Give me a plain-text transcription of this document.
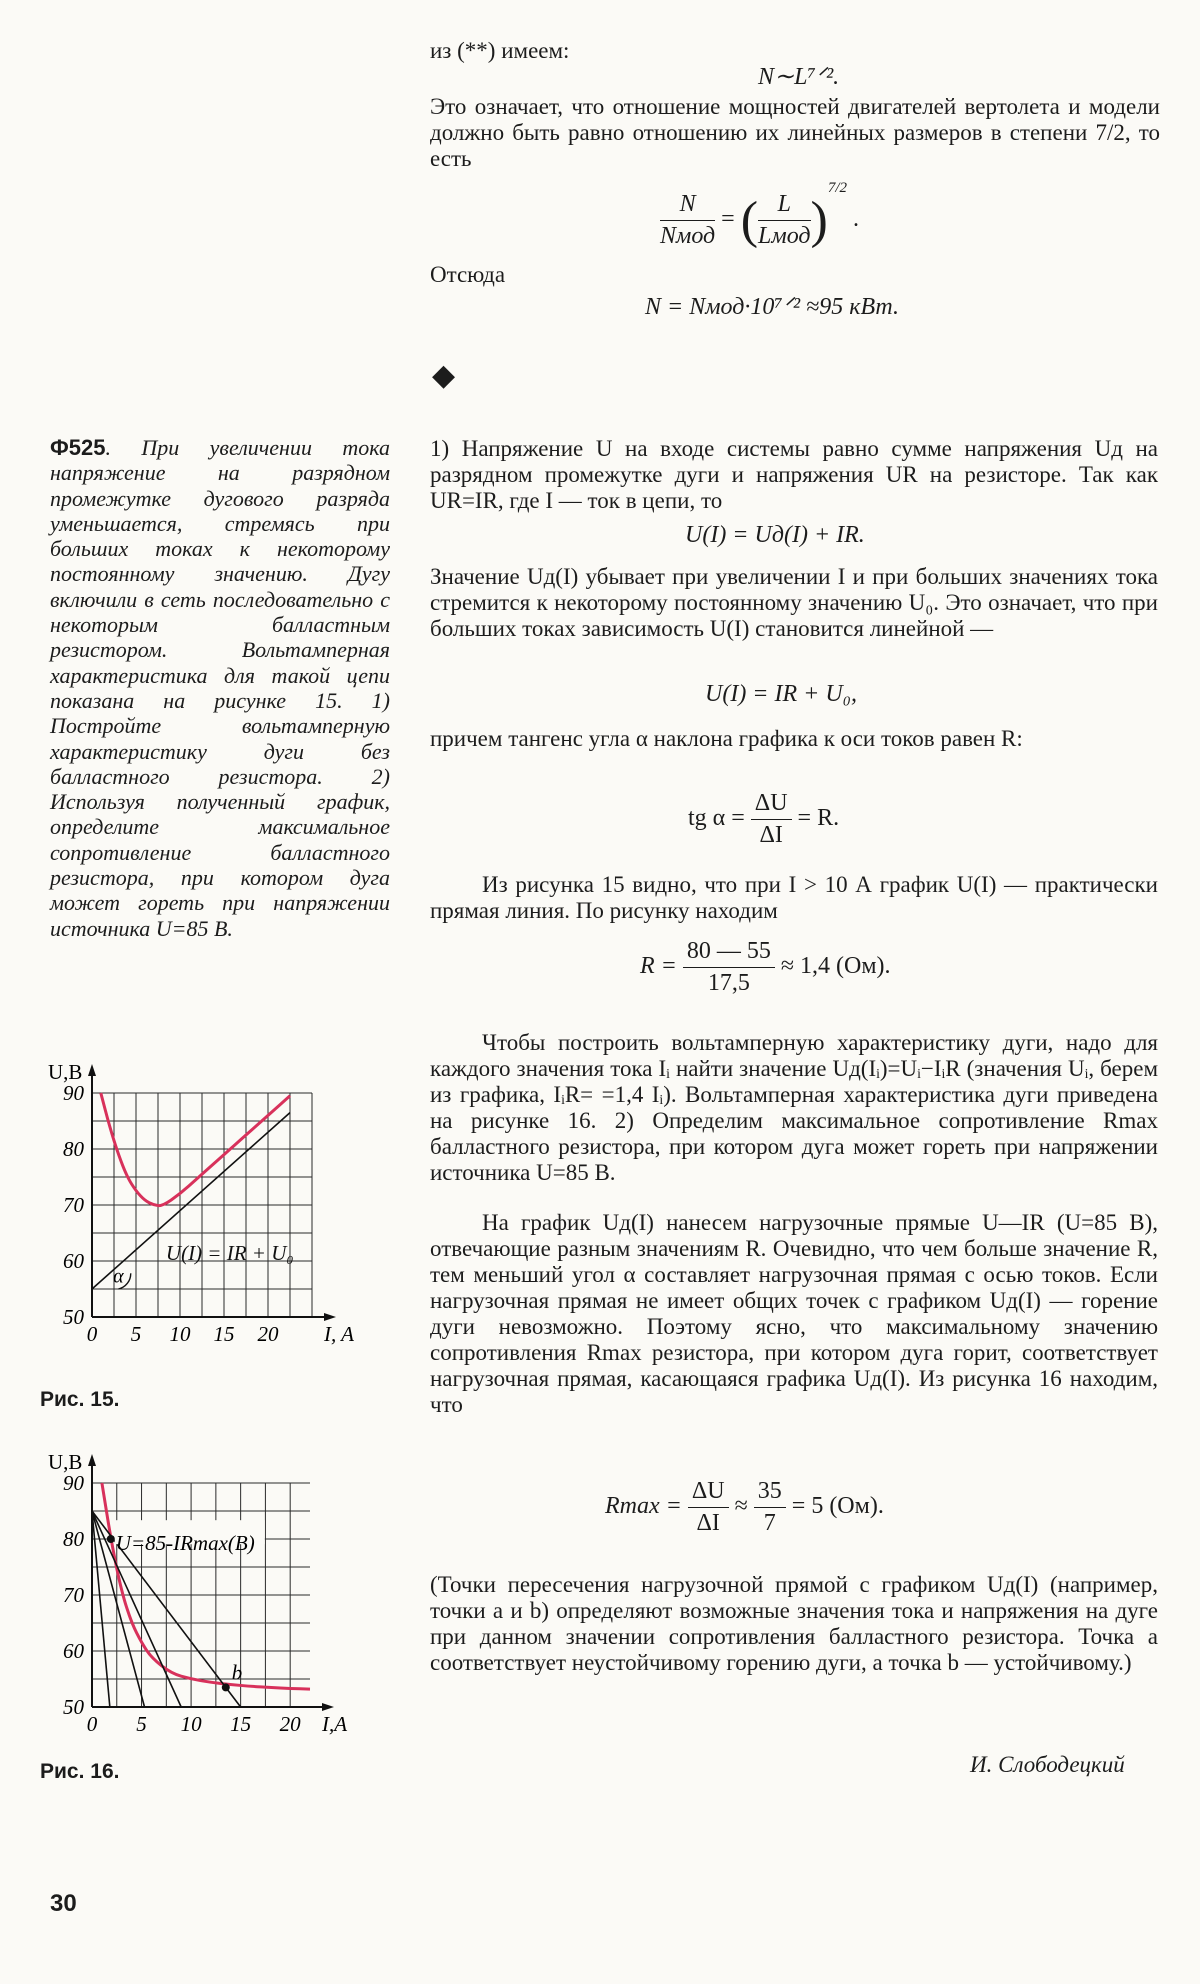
из (**) имеем:
N∼L⁷ᐟ².

Это означает, что отношение мощностей двигателей вертолета и модели должно быть равно отношению их линейных размеров в степени 7/2, то есть

$\frac{N}{\text{Nмод}}$ = ( $\frac{L}{\text{Lмод}} )^{7/2}$ .
Отсюда
N = Nмод·10⁷ᐟ² ≈95 кВт.
◆

Ф525. При увеличении тока напряжение на разрядном промежутке дугового разряда уменьшается, стремясь при больших токах к некоторому постоянному значению. Дугу включили в сеть последовательно с некоторым балластным резистором. Вольтамперная характеристика для такой цепи показана на рисунке 15. 1) Постройте вольтамперную характеристику дуги без балластного резистора. 2) Используя полученный график, определите максимальное сопротивление балластного резистора, при котором дуга может гореть при напряжении источника U=85 В.

0 5 10 15 20
50
60
70
80
90
U,B
I, A
U(I) = IR + U₀
α
Рис. 15.
0 5 10 15 20
50
60
70
80
90
U,B
I,A
b
U=85-IRmax(B)
Рис. 16.

1) Напряжение U на входе системы равно сумме напряжения Uд на разрядном промежутке дуги и напряжения UR на резисторе. Так как UR=IR, где I — ток в цепи, то

U(I) = Uд(I) + IR.

Значение Uд(I) убывает при увеличении I и при больших значениях тока стремится к некоторому постоянному значению U₀. Это означает, что при больших токах зависимость U(I) становится линейной —

U(I) = IR + U₀,

причем тангенс угла α наклона графика к оси токов равен R:

tg $\alpha = \frac{\Delta U}{\Delta I} = R$.

Из рисунка 15 видно, что при I > 10 А график U(I) — практически прямая линия. По рисунку находим

$R = \frac{80 — 55}{17,5} \approx 1,4$ (Ом).

Чтобы построить вольтамперную характеристику дуги, надо для каждого значения тока Iᵢ найти значение Uд(Iᵢ)=Uᵢ−IᵢR (значения Uᵢ, берем из графика, IᵢR= =1,4 Iᵢ). Вольтамперная характеристика дуги приведена на рисунке 16. 2) Определим максимальное сопротивление Rmax балластного резистора, при котором дуга может гореть при напряжении источника U=85 В.

На график Uд(I) нанесем нагрузочные прямые U—IR (U=85 В), отвечающие разным значениям R. Очевидно, что чем больше значение R, тем меньший угол α составляет нагрузочная прямая с осью токов. Если нагрузочная прямая не имеет общих точек с графиком Uд(I) — горение дуги невозможно. Поэтому ясно, что максимальному значению сопротивления Rmax резистора, при котором дуга горит, соответствует нагрузочная прямая, касающаяся графика Uд(I). Из рисунка 16 находим, что

$Rmax = \frac{\Delta U}{\Delta I} \approx \frac{35}{7} = 5$ (Ом).

(Точки пересечения нагрузочной прямой с графиком Uд(I) (например, точки a и b) определяют возможные значения тока и напряжения на дуге при данном значении сопротивления балластного резистора. Точка a соответствует неустойчивому горению дуги, а точка b — устойчивому.)

И. Слободецкий
30
